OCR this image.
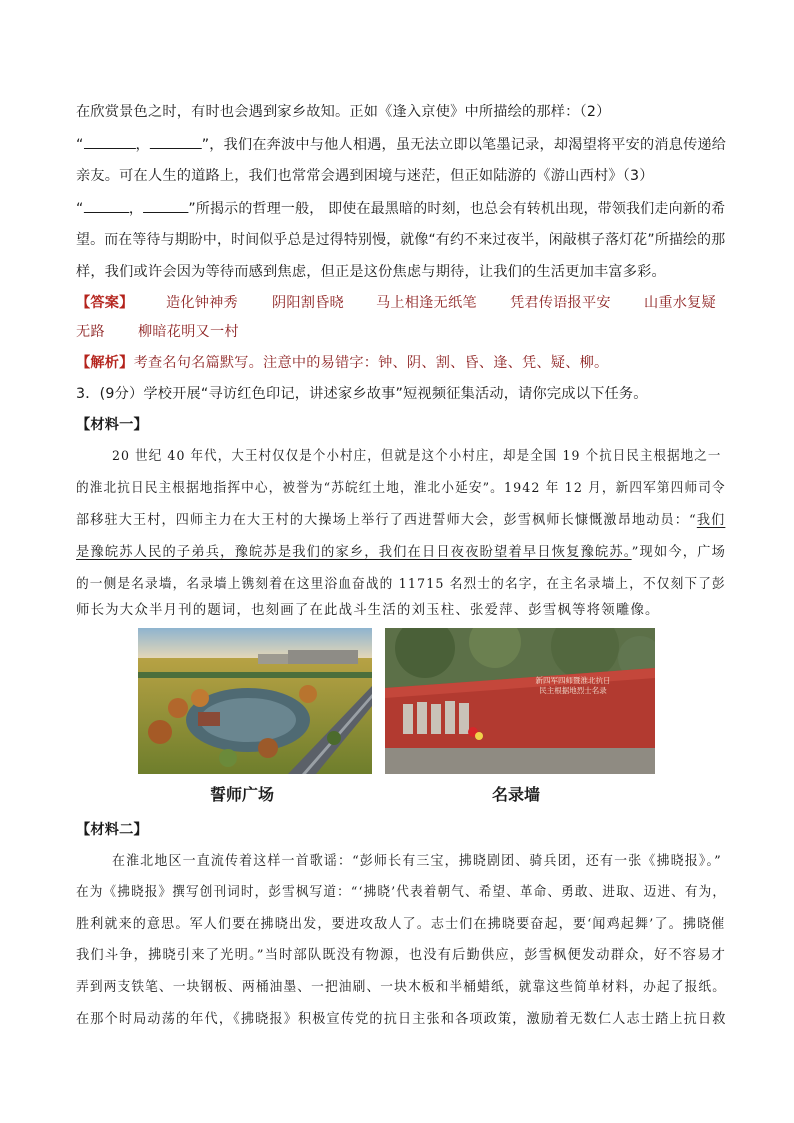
在欣赏景色之时，有时也会遇到家乡故知。正如《逢入京使》中所描绘的那样：（2）
“	，	”，我们在奔波中与他人相遇，虽无法立即以笔墨记录，却渴望将平安的消息传递给
亲友。可在人生的道路上，我们也常常会遇到困境与迷茫，但正如陆游的《游山西村》（3）
“	，	”所揭示的哲理一般， 即使在最黑暗的时刻，也总会有转机出现，带领我们走向新的希
望。而在等待与期盼中，时间似乎总是过得特别慢，就像“有约不来过夜半，闲敲棋子落灯花”所描绘的那
样，我们或许会因为等待而感到焦虑，但正是这份焦虑与期待，让我们的生活更加丰富多彩。
【答案】 造化钟神秀 阴阳割昏晓 马上相逢无纸笔 凭君传语报平安 山重水复疑
无路 柳暗花明又一村
【解析】考查名句名篇默写。注意中的易错字：钟、阴、割、昏、逢、凭、疑、柳。
3．(9分）学校开展“寻访红色印记，讲述家乡故事”短视频征集活动，请你完成以下任务。
【材料一】
20 世纪 40 年代，大王村仅仅是个小村庄，但就是这个小村庄，却是全国 19 个抗日民主根据地之一
的淮北抗日民主根据地指挥中心，被誉为“苏皖红土地，淮北小延安”。1942 年 12 月，新四军第四师司令
部移驻大王村，四师主力在大王村的大操场上举行了西进誓师大会，彭雪枫师长慷慨激昂地动员：“我们
是豫皖苏人民的子弟兵，豫皖苏是我们的家乡，我们在日日夜夜盼望着早日恢复豫皖苏。”现如今，广场
的一侧是名录墙，名录墙上镌刻着在这里浴血奋战的 11715 名烈士的名字，在主名录墙上，不仅刻下了彭
师长为大众半月刊的题词，也刻画了在此战斗生活的刘玉柱、张爱萍、彭雪枫等将领雕像。
新四军四师暨淮北抗日
民主根据地烈士名录
誓师广场	名录墙
【材料二】
在淮北地区一直流传着这样一首歌谣：“彭师长有三宝，拂晓剧团、骑兵团，还有一张《拂晓报》。”
在为《拂晓报》撰写创刊词时，彭雪枫写道：“‘拂晓’代表着朝气、希望、革命、勇敢、进取、迈进、有为，
胜利就来的意思。军人们要在拂晓出发，要进攻敌人了。志士们在拂晓要奋起，要‘闻鸡起舞’了。拂晓催
我们斗争，拂晓引来了光明。”当时部队既没有物源，也没有后勤供应，彭雪枫便发动群众，好不容易才
弄到两支铁笔、一块钢板、两桶油墨、一把油刷、一块木板和半桶蜡纸，就靠这些简单材料，办起了报纸。
在那个时局动荡的年代，《拂晓报》积极宣传党的抗日主张和各项政策，激励着无数仁人志士踏上抗日救
